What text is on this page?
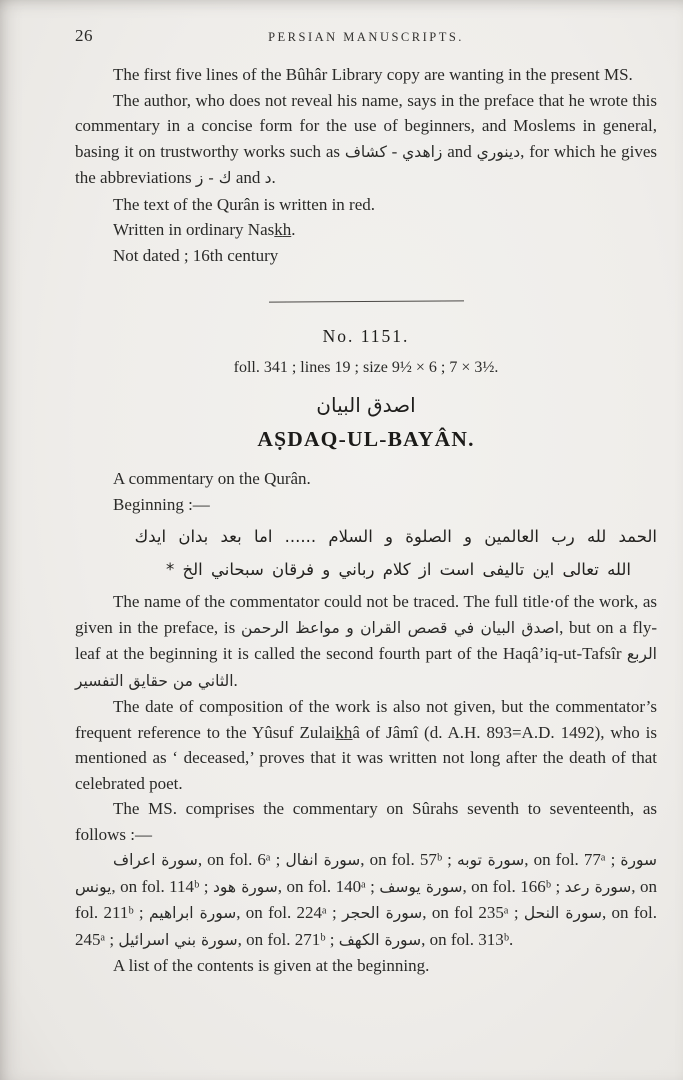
26	PERSIAN MANUSCRIPTS.

The first five lines of the Bûhâr Library copy are wanting in the present MS.

The author, who does not reveal his name, says in the preface that he wrote this commentary in a concise form for the use of beginners, and Moslems in general, basing it on trustworthy works such as كشاف - زاهدي and دينوري, for which he gives the abbreviations ك - ز and د.

The text of the Qurân is written in red.

Written in ordinary Nask̲h̲.

Not dated ; 16th century

No. 1151.

foll. 341 ; lines 19 ; size 9½ × 6 ; 7 × 3½.

اصدق البيان

AṢDAQ-UL-BAYÂN.

A commentary on the Qurân.

Beginning :—

الحمد لله رب العالمين و الصلوة و السلام ...... اما بعد بدان ايدك

الله تعالى اين تاليفى است از كلام رباني و فرقان سبحاني الخ *

The name of the commentator could not be traced. The full title·of the work, as given in the preface, is اصدق البيان في قصص القران و مواعظ الرحمن, but on a fly-leaf at the beginning it is called the second fourth part of the Haqâ’iq-ut-Tafsîr الربع الثاني من حقايق التفسير.

The date of composition of the work is also not given, but the commentator’s frequent reference to the Yûsuf Zulaik̲h̲â of Jâmî (d. A.H. 893=A.D. 1492), who is mentioned as ‘ deceased,’ proves that it was written not long after the death of that celebrated poet.

The MS. comprises the commentary on Sûrahs seventh to seventeenth, as follows :—

سورة اعراف, on fol. 6ᵃ ; سورة انفال, on fol. 57ᵇ ; سورة توبه, on fol. 77ᵃ ; سورة يونس, on fol. 114ᵇ ; سورة هود, on fol. 140ᵃ ; سورة يوسف, on fol. 166ᵇ ; سورة رعد, on fol. 211ᵇ ; سورة ابراهيم, on fol. 224ᵃ ; سورة الحجر, on fol 235ᵃ ; سورة النحل, on fol. 245ᵃ ; سورة بني اسرائيل, on fol. 271ᵇ ; سورة الكهف, on fol. 313ᵇ.

A list of the contents is given at the beginning.
